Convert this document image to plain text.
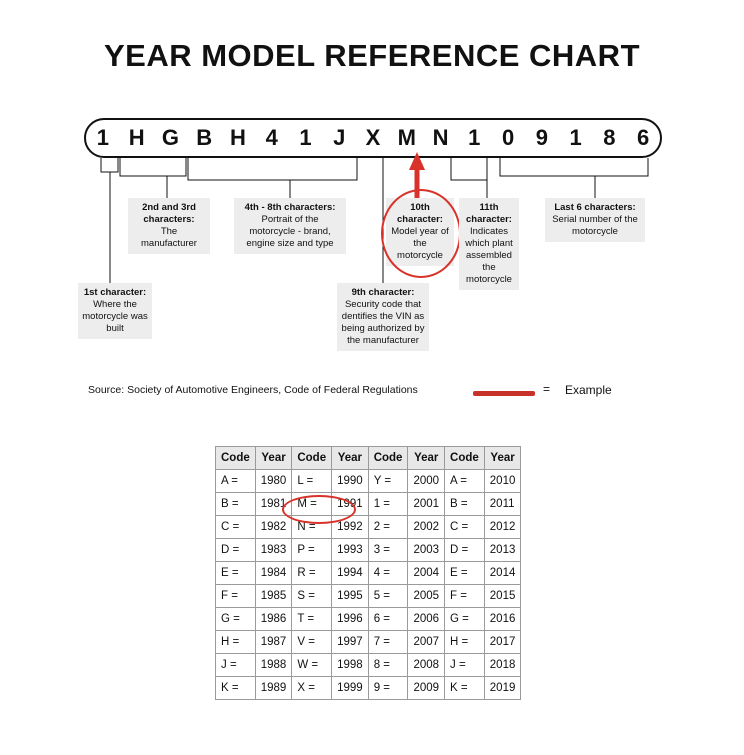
YEAR MODEL REFERENCE CHART
1 H G B H 4 1 J X M N 1 0 9 1 8 6
1st character:
Where the motorcycle was built
2nd and 3rd characters:
The manufacturer
4th - 8th characters:
Portrait of the motorcycle - brand, engine size and type
9th character:
Security code that dentifies the VIN as being authorized by the manufacturer
10th character:
Model year of the motorcycle
11th character:
Indicates which plant assembled the motorcycle
Last 6 characters:
Serial number of the motorcycle
Source: Society of Automotive Engineers, Code of Federal Regulations	= Example
Code	Year	Code	Year	Code	Year	Code	Year
A =	1980	L =	1990	Y =	2000	A =	2010
B =	1981	M =	1991	1 =	2001	B =	2011
C =	1982	N =	1992	2 =	2002	C =	2012
D =	1983	P =	1993	3 =	2003	D =	2013
E =	1984	R =	1994	4 =	2004	E =	2014
F =	1985	S =	1995	5 =	2005	F =	2015
G =	1986	T =	1996	6 =	2006	G =	2016
H =	1987	V =	1997	7 =	2007	H =	2017
J =	1988	W =	1998	8 =	2008	J =	2018
K =	1989	X =	1999	9 =	2009	K =	2019
